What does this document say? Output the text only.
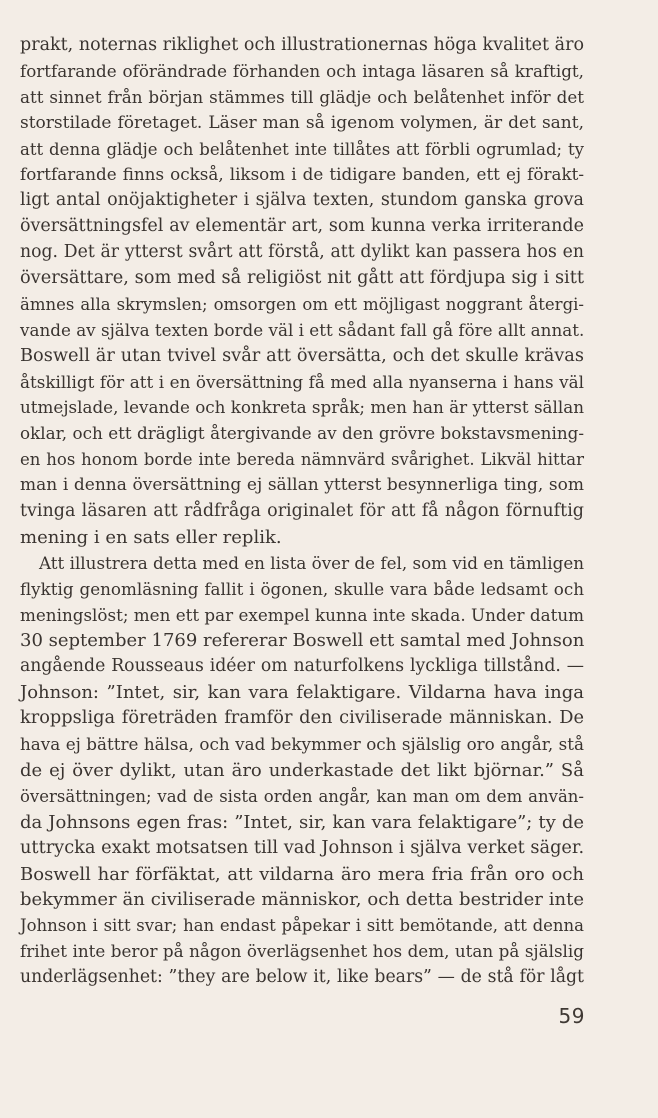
prakt, noternas riklighet och illustrationernas höga kvalitet äro
fortfarande oförändrade förhanden och intaga läsaren så kraftigt,
att sinnet från början stämmes till glädje och belåtenhet inför det
storstilade företaget. Läser man så igenom volymen, är det sant,
att denna glädje och belåtenhet inte tillåtes att förbli ogrumlad; ty
fortfarande finns också, liksom i de tidigare banden, ett ej förakt-
ligt antal onöjaktigheter i själva texten, stundom ganska grova
översättningsfel av elementär art, som kunna verka irriterande
nog. Det är ytterst svårt att förstå, att dylikt kan passera hos en
översättare, som med så religiöst nit gått att fördjupa sig i sitt
ämnes alla skrymslen; omsorgen om ett möjligast noggrant återgi-
vande av själva texten borde väl i ett sådant fall gå före allt annat.
Boswell är utan tvivel svår att översätta, och det skulle krävas
åtskilligt för att i en översättning få med alla nyanserna i hans väl
utmejslade, levande och konkreta språk; men han är ytterst sällan
oklar, och ett drägligt återgivande av den grövre bokstavsmening-
en hos honom borde inte bereda nämnvärd svårighet. Likväl hittar
man i denna översättning ej sällan ytterst besynnerliga ting, som
tvinga läsaren att rådfråga originalet för att få någon förnuftig
mening i en sats eller replik.
Att illustrera detta med en lista över de fel, som vid en tämligen
flyktig genomläsning fallit i ögonen, skulle vara både ledsamt och
meningslöst; men ett par exempel kunna inte skada. Under datum
30 september 1769 refererar Boswell ett samtal med Johnson
angående Rousseaus idéer om naturfolkens lyckliga tillstånd. —
Johnson: ”Intet, sir, kan vara felaktigare. Vildarna hava inga
kroppsliga företräden framför den civiliserade människan. De
hava ej bättre hälsa, och vad bekymmer och själslig oro angår, stå
de ej över dylikt, utan äro underkastade det likt björnar.” Så
översättningen; vad de sista orden angår, kan man om dem använ-
da Johnsons egen fras: ”Intet, sir, kan vara felaktigare”; ty de
uttrycka exakt motsatsen till vad Johnson i själva verket säger.
Boswell har förfäktat, att vildarna äro mera fria från oro och
bekymmer än civiliserade människor, och detta bestrider inte
Johnson i sitt svar; han endast påpekar i sitt bemötande, att denna
frihet inte beror på någon överlägsenhet hos dem, utan på själslig
underlägsenhet: ”they are below it, like bears” — de stå för lågt
59
